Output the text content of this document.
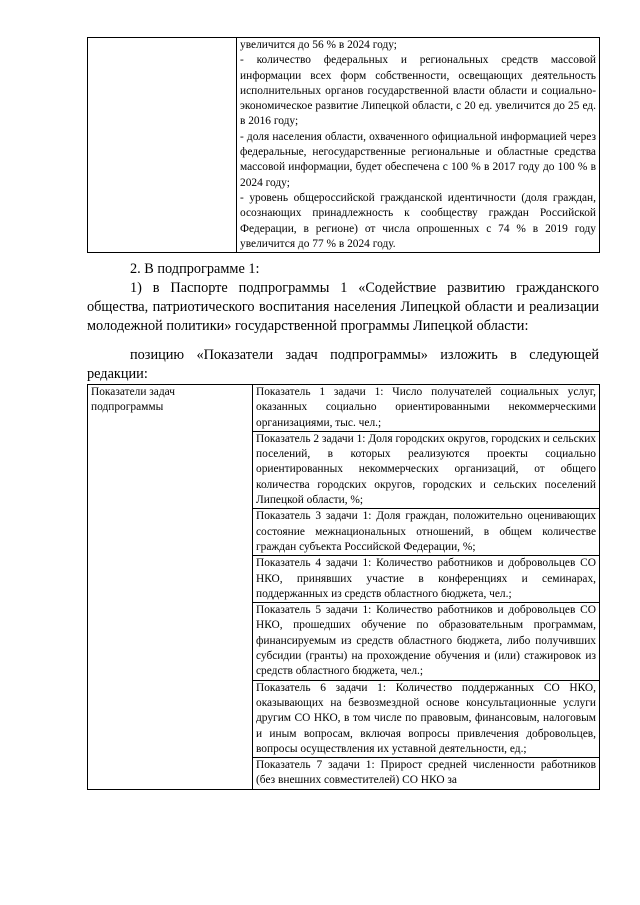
увеличится до 56 % в 2024 году;

- количество федеральных и региональных средств массовой информации всех форм собственности, освещающих деятельность исполнительных органов государственной власти области и социально-экономическое развитие Липецкой области, с 20 ед. увеличится до 25 ед. в 2016 году;

- доля населения области, охваченного официальной информацией через федеральные, негосударственные региональные и областные средства массовой информации, будет обеспечена с 100 % в 2017 году до 100 % в 2024 году;

- уровень общероссийской гражданской идентичности (доля граждан, осознающих принадлежность к сообществу граждан Российской Федерации, в регионе) от числа опрошенных с 74 % в 2019 году увеличится до 77 % в 2024 году.

2. В подпрограмме 1:

1) в Паспорте подпрограммы 1 «Содействие развитию гражданского общества, патриотического воспитания населения Липецкой области и реализации молодежной политики» государственной программы Липецкой области:

позицию «Показатели задач подпрограммы» изложить в следующей редакции:

Показатели задач подпрограммы	
Показатель 1 задачи 1: Число получателей социальных услуг, оказанных социально ориентированными некоммерческими организациями, тыс. чел.;
Показатель 2 задачи 1: Доля городских округов, городских и сельских поселений, в которых реализуются проекты социально ориентированных некоммерческих организаций, от общего количества городских округов, городских и сельских поселений Липецкой области, %;
Показатель 3 задачи 1: Доля граждан, положительно оценивающих состояние межнациональных отношений, в общем количестве граждан субъекта Российской Федерации, %;
Показатель 4 задачи 1: Количество работников и добровольцев СО НКО, принявших участие в конференциях и семинарах, поддержанных из средств областного бюджета, чел.;
Показатель 5 задачи 1: Количество работников и добровольцев СО НКО, прошедших обучение по образовательным программам, финансируемым из средств областного бюджета, либо получивших субсидии (гранты) на прохождение обучения и (или) стажировок из средств областного бюджета, чел.;
Показатель 6 задачи 1: Количество поддержанных СО НКО, оказывающих на безвозмездной основе консультационные услуги другим СО НКО, в том числе по правовым, финансовым, налоговым и иным вопросам, включая вопросы привлечения добровольцев, вопросы осуществления их уставной деятельности, ед.;
Показатель 7 задачи 1: Прирост средней численности работников (без внешних совместителей) СО НКО за
